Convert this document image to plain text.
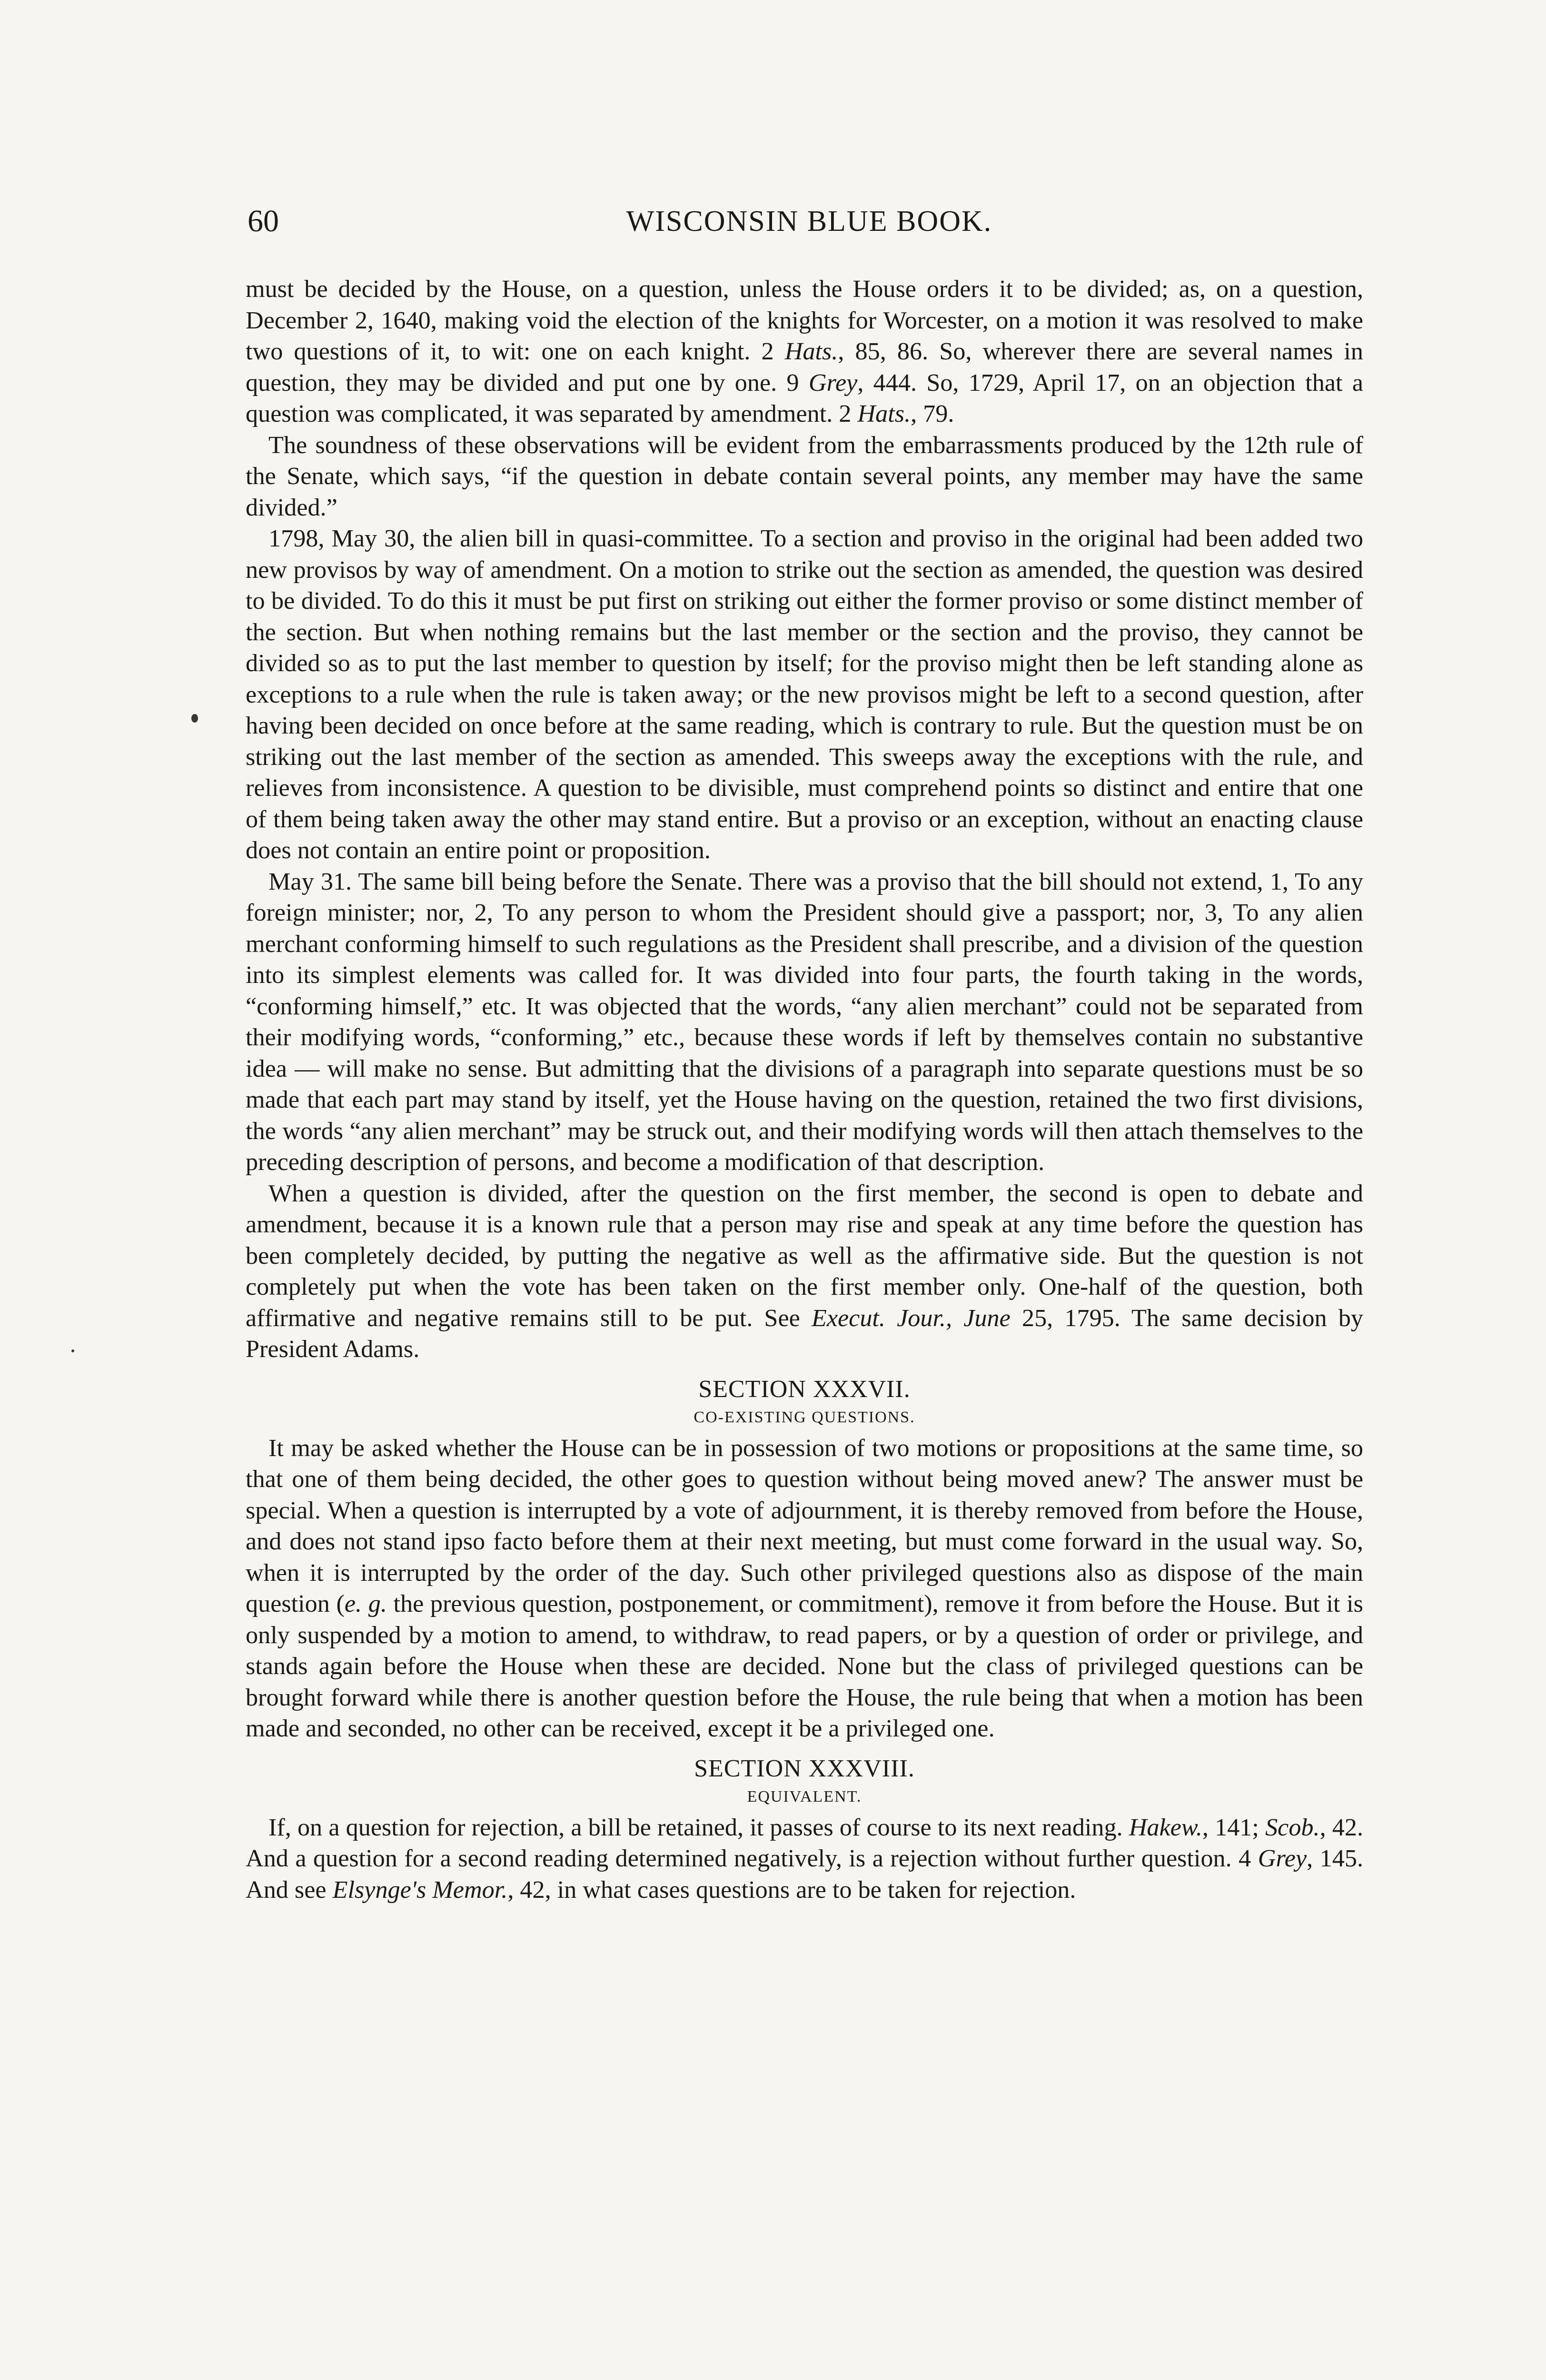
60	WISCONSIN BLUE BOOK.

must be decided by the House, on a question, unless the House orders it to be divided; as, on a question, December 2, 1640, making void the election of the knights for Worcester, on a motion it was resolved to make two questions of it, to wit: one on each knight. 2 Hats., 85, 86. So, wherever there are several names in question, they may be divided and put one by one. 9 Grey, 444. So, 1729, April 17, on an objection that a question was complicated, it was separated by amendment. 2 Hats., 79.

The soundness of these observations will be evident from the embarrassments produced by the 12th rule of the Senate, which says, “if the question in debate contain several points, any member may have the same divided.”

1798, May 30, the alien bill in quasi-committee. To a section and proviso in the original had been added two new provisos by way of amendment. On a motion to strike out the section as amended, the question was desired to be divided. To do this it must be put first on striking out either the former proviso or some distinct member of the section. But when nothing remains but the last member or the section and the proviso, they cannot be divided so as to put the last member to question by itself; for the proviso might then be left standing alone as exceptions to a rule when the rule is taken away; or the new provisos might be left to a second question, after having been decided on once before at the same reading, which is contrary to rule. But the question must be on striking out the last member of the section as amended. This sweeps away the exceptions with the rule, and relieves from inconsistence. A question to be divisible, must comprehend points so distinct and entire that one of them being taken away the other may stand entire. But a proviso or an exception, without an enacting clause does not contain an entire point or proposition.

May 31. The same bill being before the Senate. There was a proviso that the bill should not extend, 1, To any foreign minister; nor, 2, To any person to whom the President should give a passport; nor, 3, To any alien merchant conforming himself to such regulations as the President shall prescribe, and a division of the question into its simplest elements was called for. It was divided into four parts, the fourth taking in the words, “conforming himself,” etc. It was objected that the words, “any alien merchant” could not be separated from their modifying words, “conforming,” etc., because these words if left by themselves contain no substantive idea — will make no sense. But admitting that the divisions of a paragraph into separate questions must be so made that each part may stand by itself, yet the House having on the question, retained the two first divisions, the words “any alien merchant” may be struck out, and their modifying words will then attach themselves to the preceding description of persons, and become a modification of that description.

When a question is divided, after the question on the first member, the second is open to debate and amendment, because it is a known rule that a person may rise and speak at any time before the question has been completely decided, by putting the negative as well as the affirmative side. But the question is not completely put when the vote has been taken on the first member only. One-half of the question, both affirmative and negative remains still to be put. See Execut. Jour., June 25, 1795. The same decision by President Adams.

SECTION XXXVII.
CO-EXISTING QUESTIONS.

It may be asked whether the House can be in possession of two motions or propositions at the same time, so that one of them being decided, the other goes to question without being moved anew? The answer must be special. When a question is interrupted by a vote of adjournment, it is thereby removed from before the House, and does not stand ipso facto before them at their next meeting, but must come forward in the usual way. So, when it is interrupted by the order of the day. Such other privileged questions also as dispose of the main question (e. g. the previous question, postponement, or commitment), remove it from before the House. But it is only suspended by a motion to amend, to withdraw, to read papers, or by a question of order or privilege, and stands again before the House when these are decided. None but the class of privileged questions can be brought forward while there is another question before the House, the rule being that when a motion has been made and seconded, no other can be received, except it be a privileged one.

SECTION XXXVIII.
EQUIVALENT.

If, on a question for rejection, a bill be retained, it passes of course to its next reading. Hakew., 141; Scob., 42. And a question for a second reading determined negatively, is a rejection without further question. 4 Grey, 145. And see Elsynge's Memor., 42, in what cases questions are to be taken for rejection.
